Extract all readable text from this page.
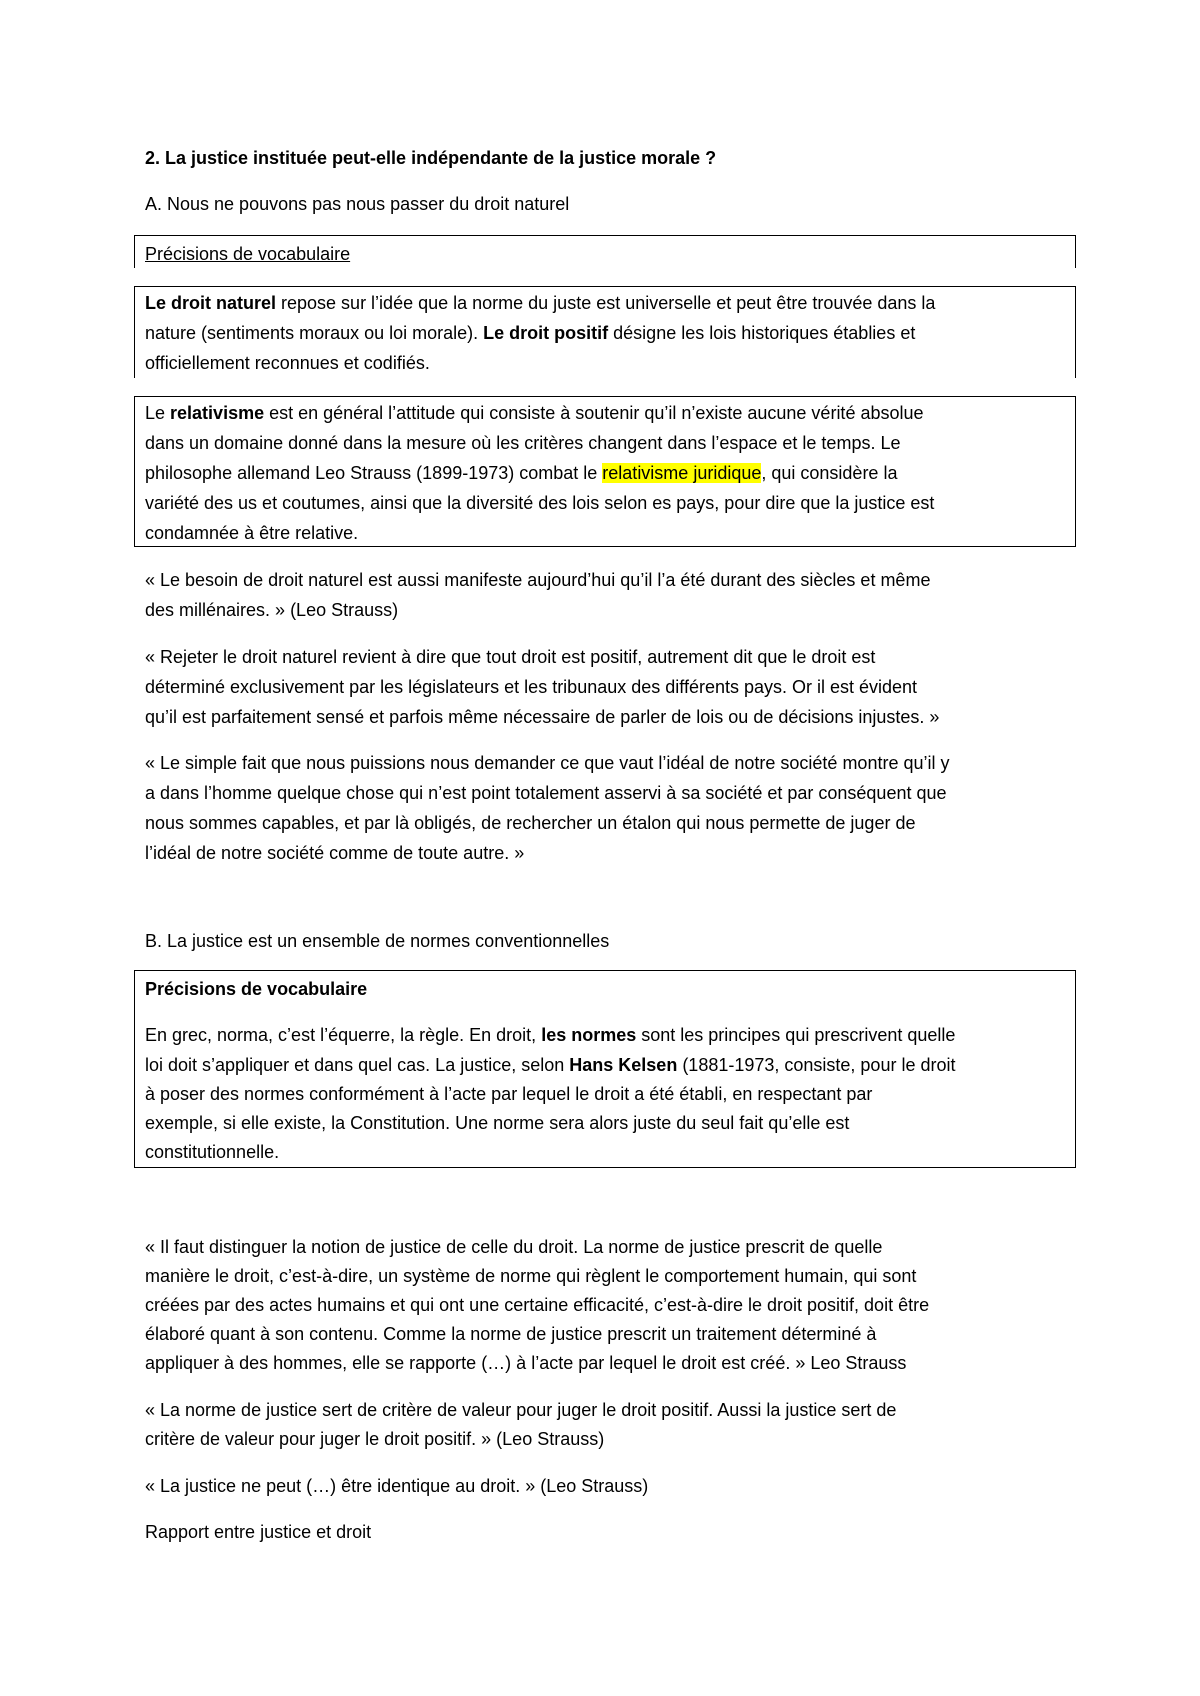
2. La justice instituée peut-elle indépendante de la justice morale ?
A. Nous ne pouvons pas nous passer du droit naturel
Précisions de vocabulaire
Le droit naturel repose sur l’idée que la norme du juste est universelle et peut être trouvée dans la
nature (sentiments moraux ou loi morale). Le droit positif désigne les lois historiques établies et
officiellement reconnues et codifiés.
Le relativisme est en général l’attitude qui consiste à soutenir qu’il n’existe aucune vérité absolue
dans un domaine donné dans la mesure où les critères changent dans l’espace et le temps. Le
philosophe allemand Leo Strauss (1899-1973) combat le relativisme juridique, qui considère la
variété des us et coutumes, ainsi que la diversité des lois selon es pays, pour dire que la justice est
condamnée à être relative.
« Le besoin de droit naturel est aussi manifeste aujourd’hui qu’il l’a été durant des siècles et même
des millénaires. » (Leo Strauss)
« Rejeter le droit naturel revient à dire que tout droit est positif, autrement dit que le droit est
déterminé exclusivement par les législateurs et les tribunaux des différents pays. Or il est évident
qu’il est parfaitement sensé et parfois même nécessaire de parler de lois ou de décisions injustes. »
« Le simple fait que nous puissions nous demander ce que vaut l’idéal de notre société montre qu’il y
a dans l’homme quelque chose qui n’est point totalement asservi à sa société et par conséquent que
nous sommes capables, et par là obligés, de rechercher un étalon qui nous permette de juger de
l’idéal de notre société comme de toute autre. »
B. La justice est un ensemble de normes conventionnelles
Précisions de vocabulaire
En grec, norma, c’est l’équerre, la règle. En droit, les normes sont les principes qui prescrivent quelle
loi doit s’appliquer et dans quel cas. La justice, selon Hans Kelsen (1881-1973, consiste, pour le droit
à poser des normes conformément à l’acte par lequel le droit a été établi, en respectant par
exemple, si elle existe, la Constitution. Une norme sera alors juste du seul fait qu’elle est
constitutionnelle.
« Il faut distinguer la notion de justice de celle du droit. La norme de justice prescrit de quelle
manière le droit, c’est-à-dire, un système de norme qui règlent le comportement humain, qui sont
créées par des actes humains et qui ont une certaine efficacité, c’est-à-dire le droit positif, doit être
élaboré quant à son contenu. Comme la norme de justice prescrit un traitement déterminé à
appliquer à des hommes, elle se rapporte (…) à l’acte par lequel le droit est créé. » Leo Strauss
« La norme de justice sert de critère de valeur pour juger le droit positif. Aussi la justice sert de
critère de valeur pour juger le droit positif. » (Leo Strauss)
« La justice ne peut (…) être identique au droit. » (Leo Strauss)
Rapport entre justice et droit
